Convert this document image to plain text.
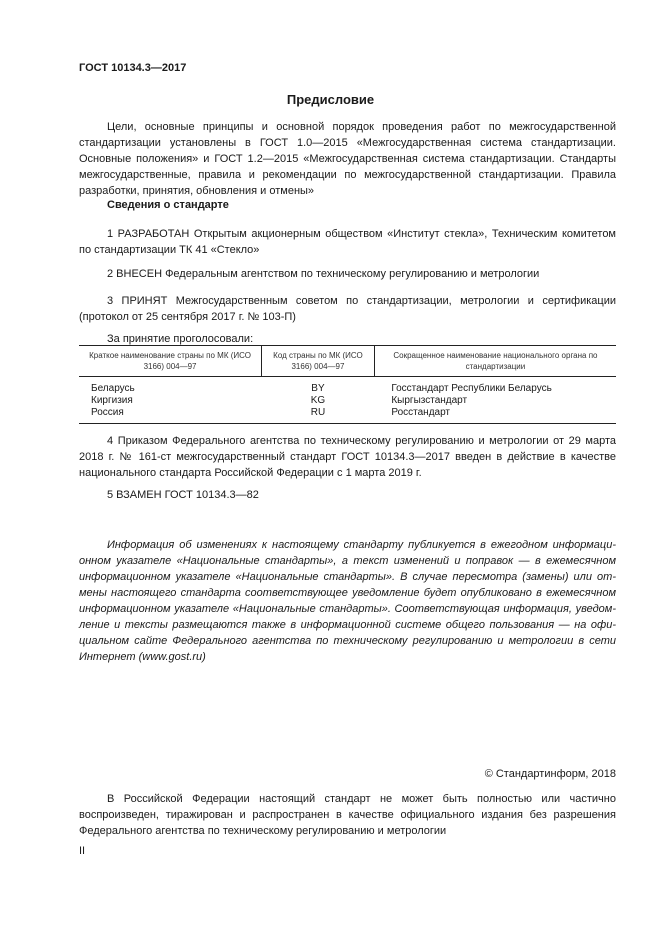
ГОСТ 10134.3—2017
Предисловие
Цели, основные принципы и основной порядок проведения работ по межгосударственной стандартизации установлены в ГОСТ 1.0—2015 «Межгосударственная система стандартизации. Основные положения» и ГОСТ 1.2—2015 «Межгосударственная система стандартизации. Стандарты межгосударственные, правила и рекомендации по межгосударственной стандартизации. Правила разработки, принятия, обновления и отмены»
Сведения о стандарте
1 РАЗРАБОТАН Открытым акционерным обществом «Институт стекла», Техническим комитетом по стандартизации ТК 41 «Стекло»
2 ВНЕСЕН Федеральным агентством по техническому регулированию и метрологии
3 ПРИНЯТ Межгосударственным советом по стандартизации, метрологии и сертификации (протокол от 25 сентября 2017 г. № 103-П)
За принятие проголосовали:
Краткое наименование страны по МК (ИСО 3166) 004—97	Код страны по МК (ИСО 3166) 004—97	Сокращенное наименование национального органа по стандартизации
Беларусь	BY	Госстандарт Республики Беларусь
Киргизия	KG	Кыргызстандарт
Россия	RU	Росстандарт
4 Приказом Федерального агентства по техническому регулированию и метрологии от 29 марта 2018 г. № 161-ст межгосударственный стандарт ГОСТ 10134.3—2017 введен в действие в качестве национального стандарта Российской Федерации с 1 марта 2019 г.
5 ВЗАМЕН ГОСТ 10134.3—82
Информация об изменениях к настоящему стандарту публикуется в ежегодном информационном указателе «Национальные стандарты», а текст изменений и поправок — в ежемесячном информационном указателе «Национальные стандарты». В случае пересмотра (замены) или отмены настоящего стандарта соответствующее уведомление будет опубликовано в ежемесячном информационном указателе «Национальные стандарты». Соответствующая информация, уведомление и тексты размещаются также в информационной системе общего пользования — на официальном сайте Федерального агентства по техническому регулированию и метрологии в сети Интернет (www.gost.ru)
© Стандартинформ, 2018
В Российской Федерации настоящий стандарт не может быть полностью или частично воспроизведен, тиражирован и распространен в качестве официального издания без разрешения Федерального агентства по техническому регулированию и метрологии
II
